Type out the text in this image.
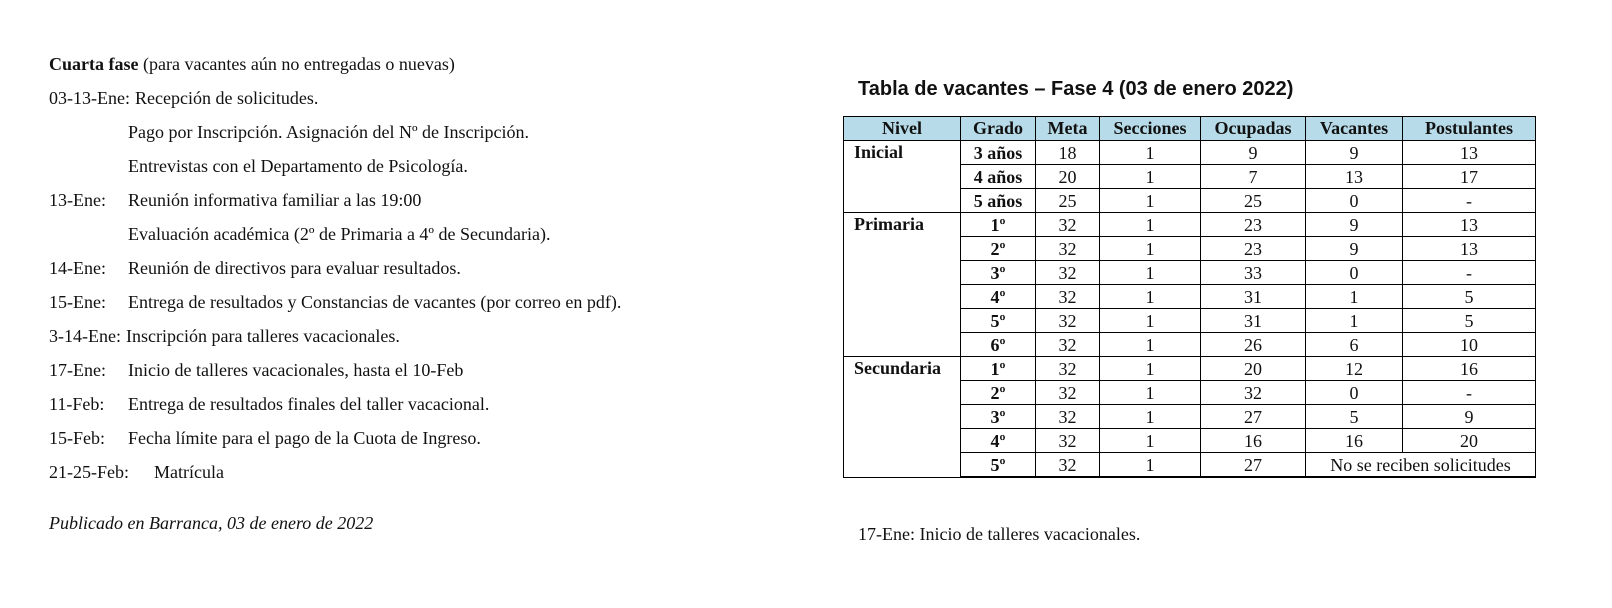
Cuarta fase (para vacantes aún no entregadas o nuevas)
03-13-Ene: Recepción de solicitudes.
Pago por Inscripción. Asignación del Nº de Inscripción.
Entrevistas con el Departamento de Psicología.
13-Ene: Reunión informativa familiar a las 19:00
Evaluación académica (2º de Primaria a 4º de Secundaria).
14-Ene: Reunión de directivos para evaluar resultados.
15-Ene: Entrega de resultados y Constancias de vacantes (por correo en pdf).
3-14-Ene: Inscripción para talleres vacacionales.
17-Ene: Inicio de talleres vacacionales, hasta el 10-Feb
11-Feb: Entrega de resultados finales del taller vacacional.
15-Feb: Fecha límite para el pago de la Cuota de Ingreso.
21-25-Feb: Matrícula
Publicado en Barranca, 03 de enero de 2022
Tabla de vacantes – Fase 4 (03 de enero 2022)
Nivel	Grado	Meta	Secciones	Ocupadas	Vacantes	Postulantes
Inicial	3 años	18	1	9	9	13
	4 años	20	1	7	13	17
	5 años	25	1	25	0	-
Primaria	1º	32	1	23	9	13
	2º	32	1	23	9	13
	3º	32	1	33	0	-
	4º	32	1	31	1	5
	5º	32	1	31	1	5
	6º	32	1	26	6	10
Secundaria	1º	32	1	20	12	16
	2º	32	1	32	0	-
	3º	32	1	27	5	9
	4º	32	1	16	16	20
	5º	32	1	27	No se reciben solicitudes	
17-Ene: Inicio de talleres vacacionales.
